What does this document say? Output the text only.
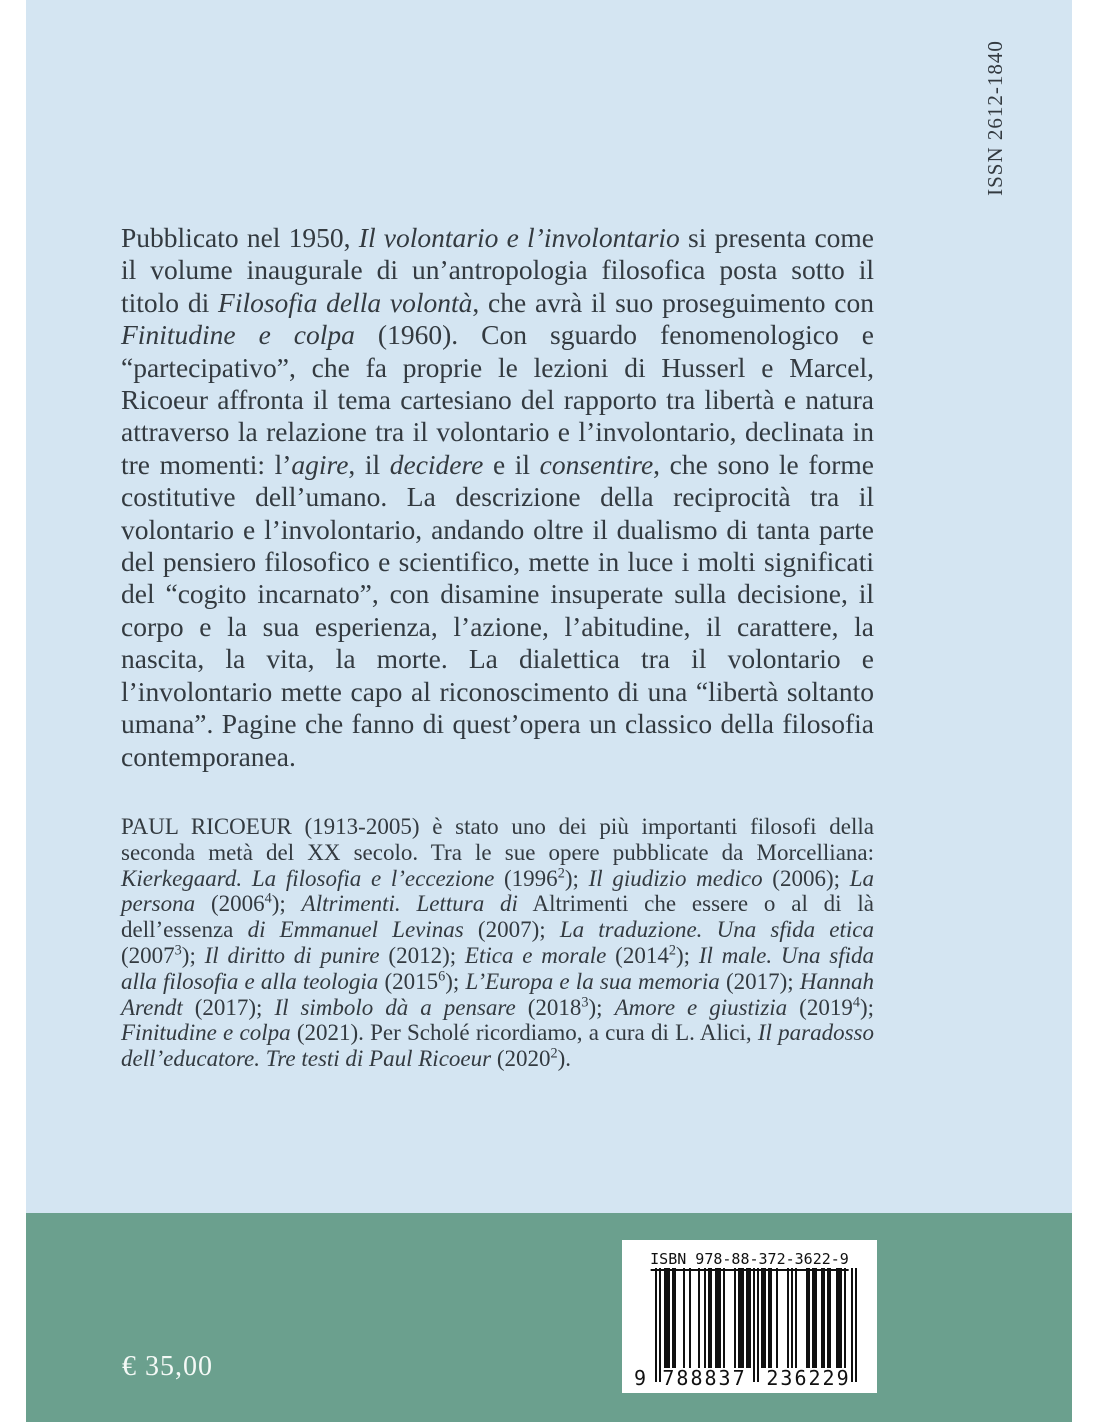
ISSN 2612-1840

Pubblicato nel 1950, Il volontario e l’involontario si presenta come il volume inaugurale di un’antropologia filosofica posta sotto il titolo di Filosofia della volontà, che avrà il suo proseguimento con Finitudine e colpa (1960). Con sguardo fenomenologico e “partecipativo”, che fa proprie le lezioni di Husserl e Marcel, Ricoeur affronta il tema cartesiano del rapporto tra libertà e natura attraverso la relazione tra il volontario e l’involontario, declinata in tre momenti: l’agire, il decidere e il consentire, che sono le forme costitutive dell’umano. La descrizione della reciprocità tra il volontario e l’involontario, andando oltre il dualismo di tanta parte del pensiero filosofico e scientifico, mette in luce i molti significati del “cogito incarnato”, con disamine insuperate sulla decisione, il corpo e la sua esperienza, l’azione, l’abitudine, il carattere, la nascita, la vita, la morte. La dialettica tra il volontario e l’involontario mette capo al riconoscimento di una “libertà soltanto umana”. Pagine che fanno di quest’opera un classico della filosofia contemporanea.

PAUL RICOEUR (1913-2005) è stato uno dei più importanti filosofi della seconda metà del XX secolo. Tra le sue opere pubblicate da Morcelliana: Kierkegaard. La filosofia e l’eccezione (1996$^2$); Il giudizio medico (2006); La persona (2006$^4$); Altrimenti. Lettura di Altrimenti che essere o al di là dell’essenza di Emmanuel Levinas (2007); La traduzione. Una sfida etica (2007$^3$); Il diritto di punire (2012); Etica e morale (2014$^2$); Il male. Una sfida alla filosofia e alla teologia (2015$^6$); L’Europa e la sua memoria (2017); Hannah Arendt (2017); Il simbolo dà a pensare (2018$^3$); Amore e giustizia (2019$^4$); Finitudine e colpa (2021). Per Scholé ricordiamo, a cura di L. Alici, Il paradosso dell’educatore. Tre testi di Paul Ricoeur (2020$^2$).

€ 35,00
ISBN 978-88-372-3622-9
9 788837 236229
